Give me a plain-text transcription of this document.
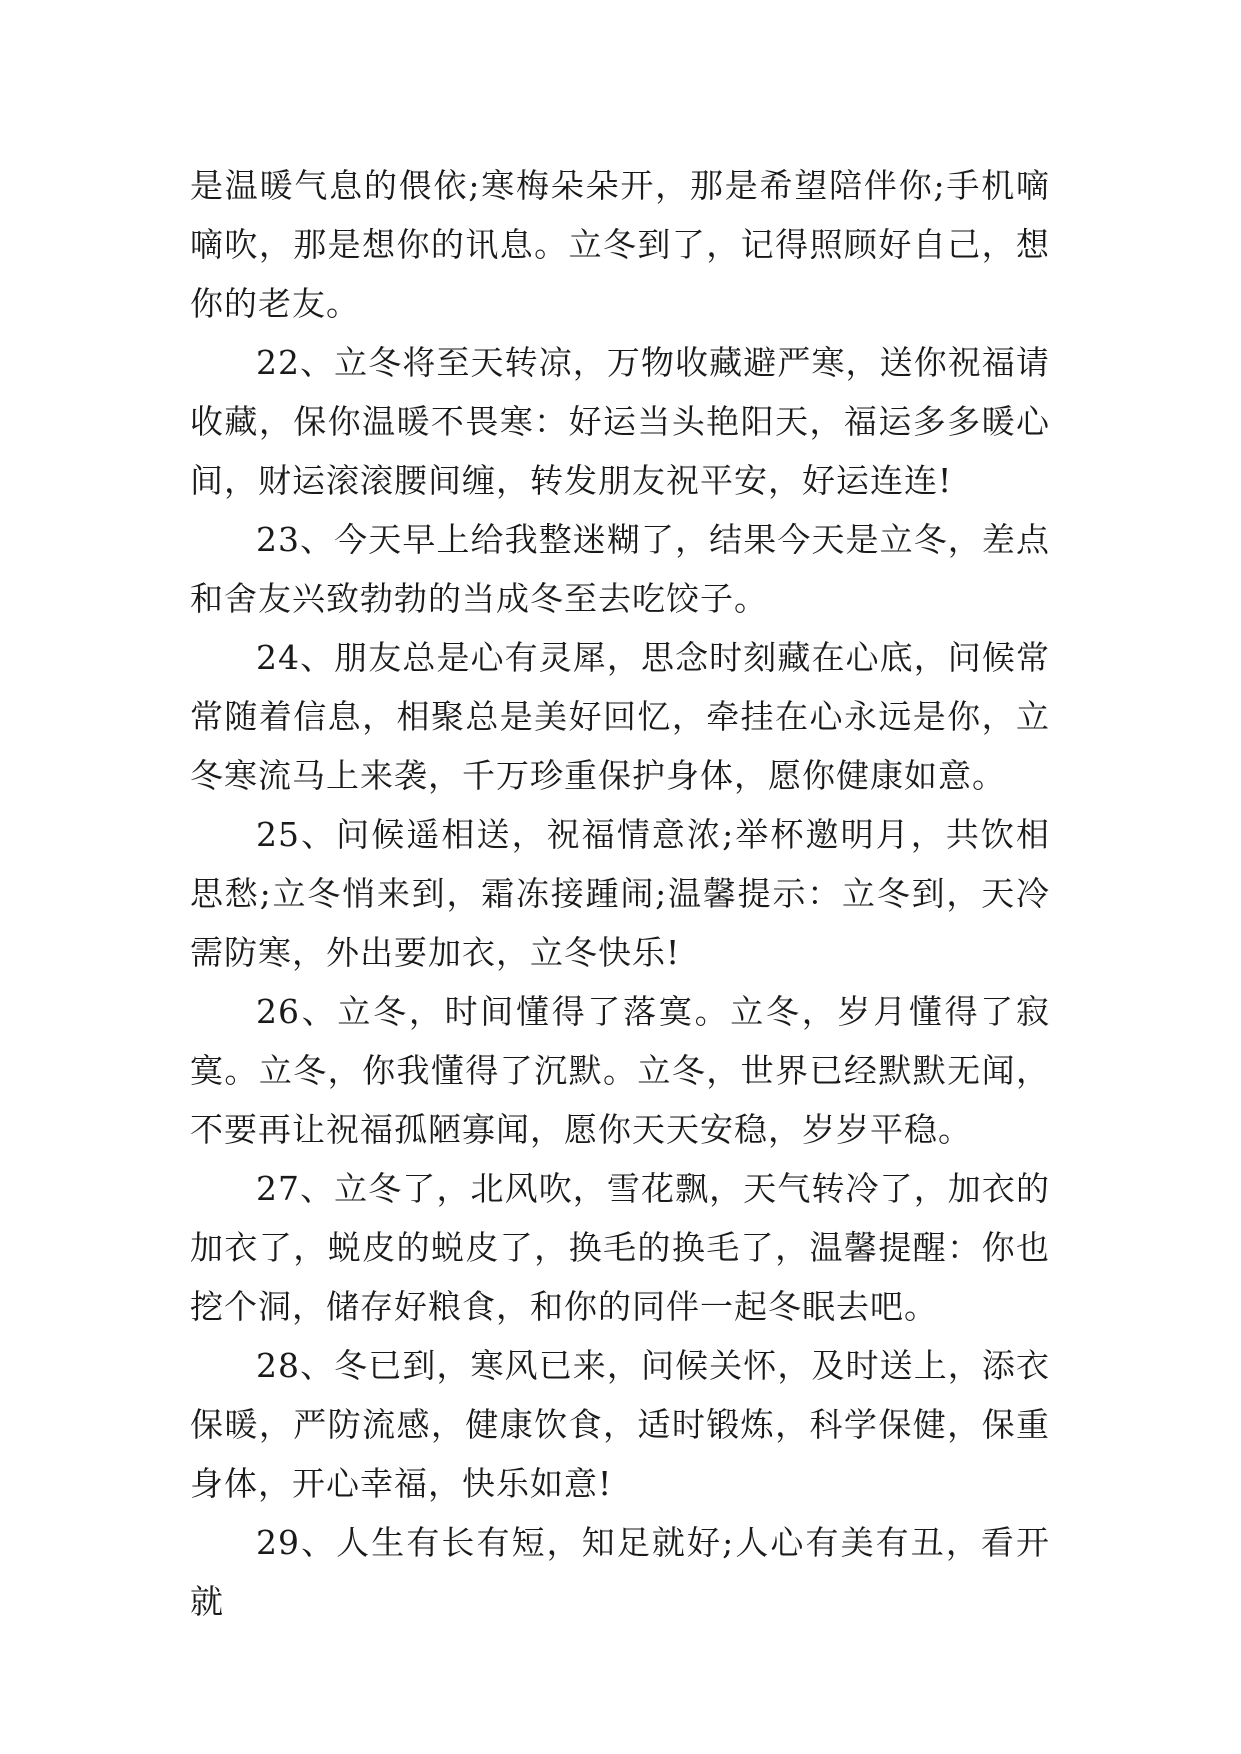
是温暖气息的偎依;寒梅朵朵开，那是希望陪伴你;手机嘀嘀吹，那是想你的讯息。立冬到了，记得照顾好自己，想你的老友。

22、立冬将至天转凉，万物收藏避严寒，送你祝福请收藏，保你温暖不畏寒：好运当头艳阳天，福运多多暖心间，财运滚滚腰间缠，转发朋友祝平安，好运连连!

23、今天早上给我整迷糊了，结果今天是立冬，差点和舍友兴致勃勃的当成冬至去吃饺子。

24、朋友总是心有灵犀，思念时刻藏在心底，问候常常随着信息，相聚总是美好回忆，牵挂在心永远是你，立冬寒流马上来袭，千万珍重保护身体，愿你健康如意。

25、问候遥相送，祝福情意浓;举杯邀明月，共饮相思愁;立冬悄来到，霜冻接踵闹;温馨提示：立冬到，天冷需防寒，外出要加衣，立冬快乐!

26、立冬，时间懂得了落寞。立冬，岁月懂得了寂寞。立冬，你我懂得了沉默。立冬，世界已经默默无闻，不要再让祝福孤陋寡闻，愿你天天安稳，岁岁平稳。

27、立冬了，北风吹，雪花飘，天气转冷了，加衣的加衣了，蜕皮的蜕皮了，换毛的换毛了，温馨提醒：你也挖个洞，储存好粮食，和你的同伴一起冬眠去吧。

28、冬已到，寒风已来，问候关怀，及时送上，添衣保暖，严防流感，健康饮食，适时锻炼，科学保健，保重身体，开心幸福，快乐如意!

29、人生有长有短，知足就好;人心有美有丑，看开就
